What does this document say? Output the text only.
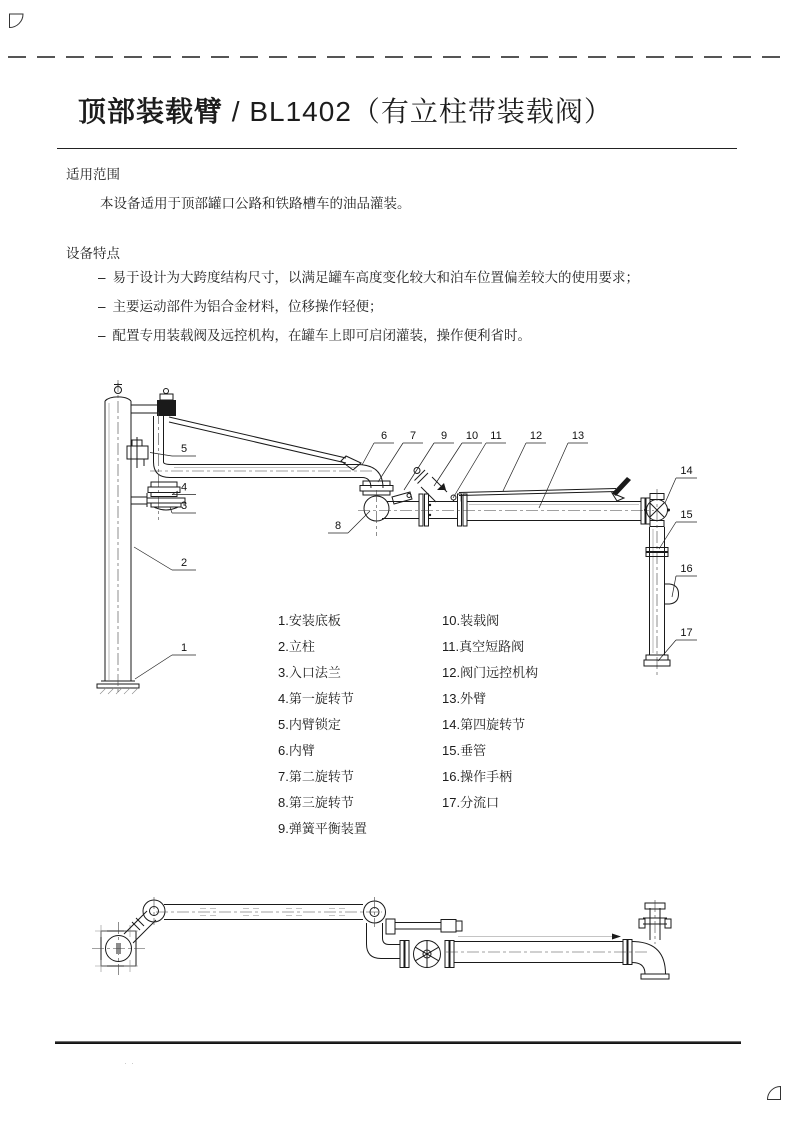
顶部装载臂 / BL1402（有立柱带装载阀）
适用范围
本设备适用于顶部罐口公路和铁路槽车的油品灌装。
设备特点
– 易于设计为大跨度结构尺寸，以满足罐车高度变化较大和泊车位置偏差较大的使用要求；
– 主要运动部件为铝合金材料，位移操作轻便；
– 配置专用装载阀及远控机构，在罐车上即可启闭灌装，操作便利省时。
1
2
3
4
5
6 7
8
9 10 11	12	13
14
15
16
17
1.安装底板
2.立柱
3.入口法兰
4.第一旋转节
5.内臂锁定
6.内臂
7.第二旋转节
8.第三旋转节
9.弹簧平衡装置
10.装载阀
11.真空短路阀
12.阀门远控机构
13.外臂
14.第四旋转节
15.垂管
16.操作手柄
17.分流口
··
